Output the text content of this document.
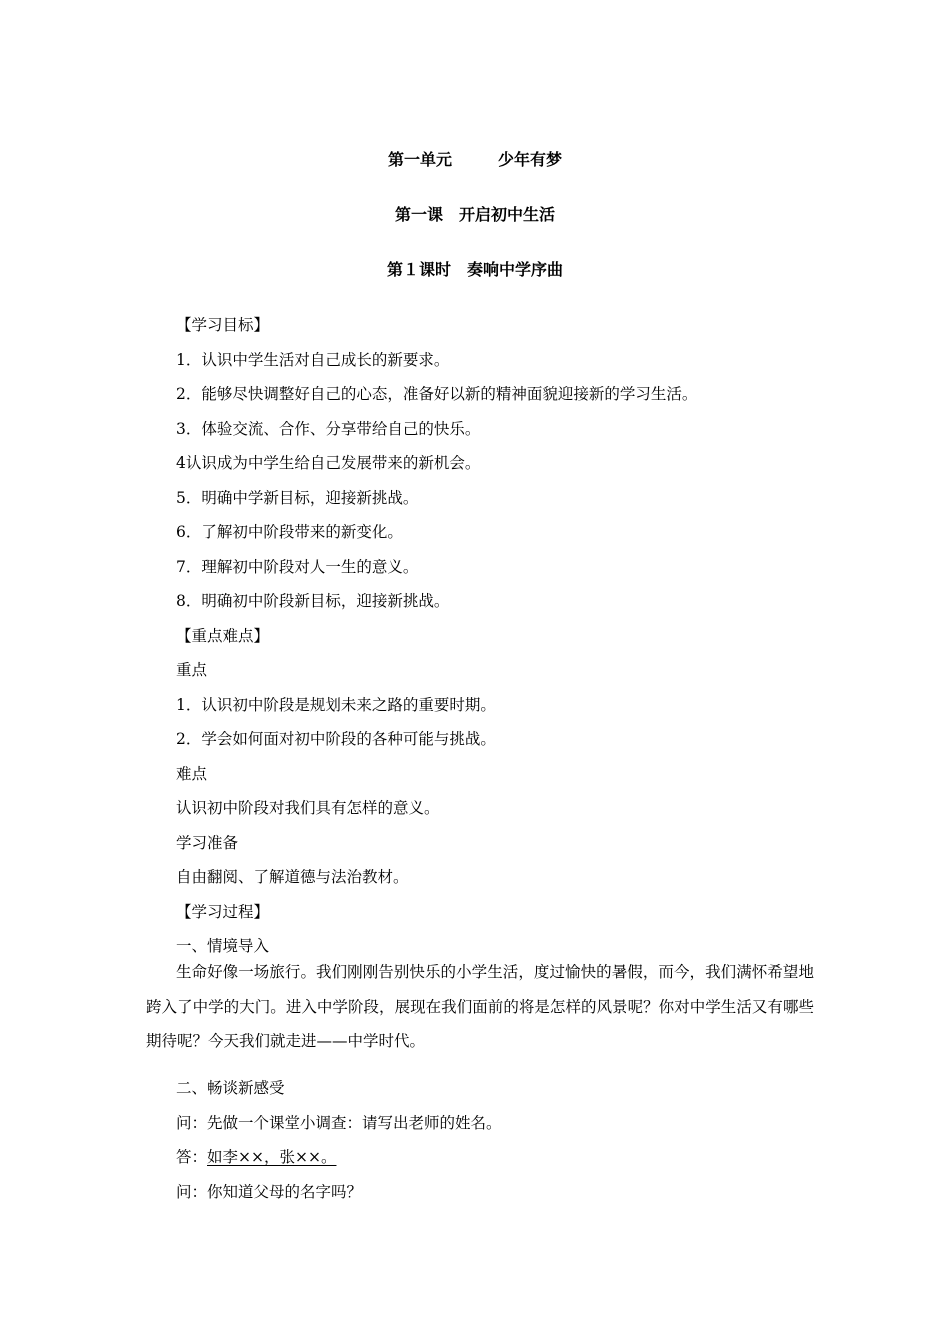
第一单元	少年有梦
第一课 开启初中生活
第１课时 奏响中学序曲
【学习目标】
1．认识中学生活对自己成长的新要求。
2．能够尽快调整好自己的心态，准备好以新的精神面貌迎接新的学习生活。
3．体验交流、合作、分享带给自己的快乐。
4认识成为中学生给自己发展带来的新机会。
5．明确中学新目标，迎接新挑战。
6．了解初中阶段带来的新变化。
7．理解初中阶段对人一生的意义。
8．明确初中阶段新目标，迎接新挑战。
【重点难点】
重点
1．认识初中阶段是规划未来之路的重要时期。
2．学会如何面对初中阶段的各种可能与挑战。
难点
认识初中阶段对我们具有怎样的意义。
学习准备
自由翻阅、了解道德与法治教材。
【学习过程】
一、情境导入

生命好像一场旅行。我们刚刚告别快乐的小学生活，度过愉快的暑假，而今，我们满怀希望地跨入了中学的大门。进入中学阶段，展现在我们面前的将是怎样的风景呢？你对中学生活又有哪些期待呢？今天我们就走进——中学时代。

二、畅谈新感受
问：先做一个课堂小调查：请写出老师的姓名。
答：如李××，张××。
问：你知道父母的名字吗？
